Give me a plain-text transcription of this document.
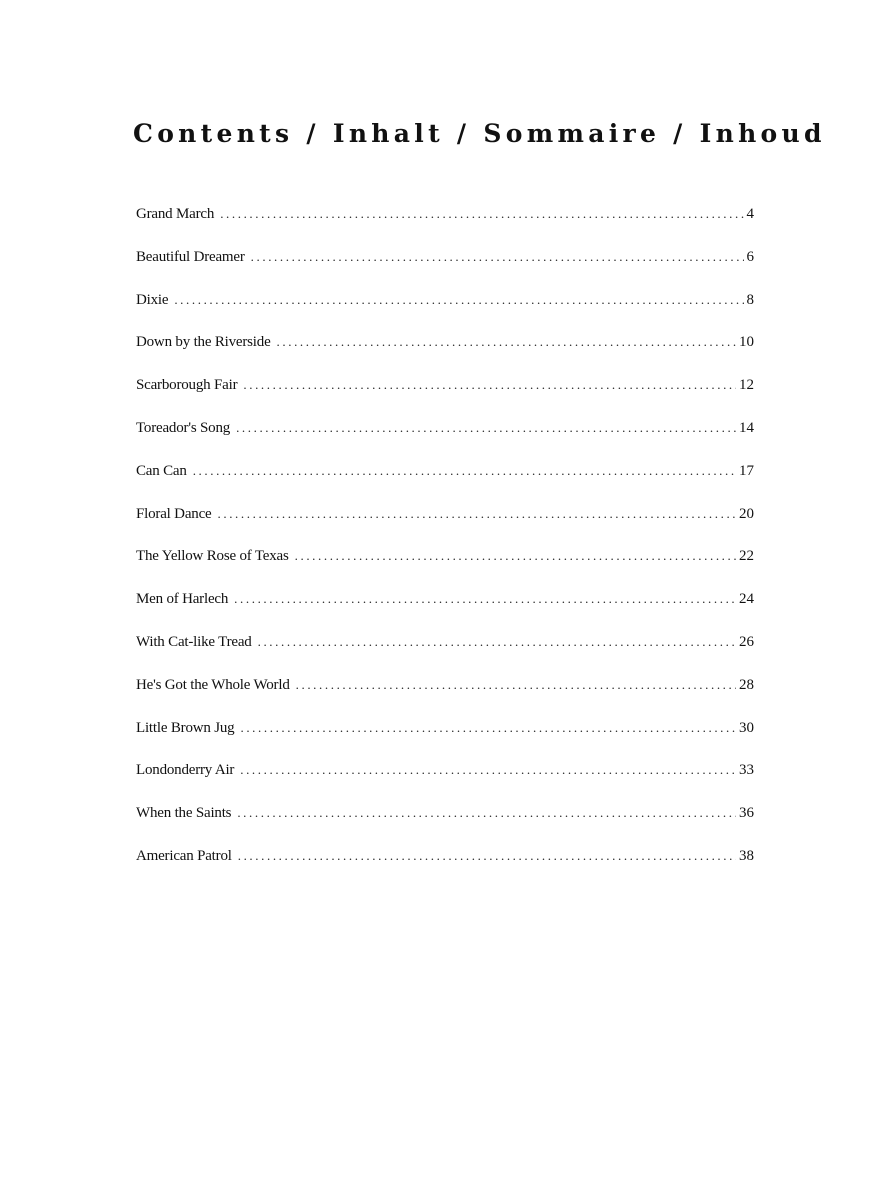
Contents / Inhalt / Sommaire / Inhoud
Grand March .....	4
Beautiful Dreamer .....	6
Dixie .....	8
Down by the Riverside .....	10
Scarborough Fair .....	12
Toreador's Song .....	14
Can Can .....	17
Floral Dance .....	20
The Yellow Rose of Texas .....	22
Men of Harlech .....	24
With Cat-like Tread .....	26
He's Got the Whole World .....	28
Little Brown Jug .....	30
Londonderry Air .....	33
When the Saints .....	36
American Patrol .....	38
